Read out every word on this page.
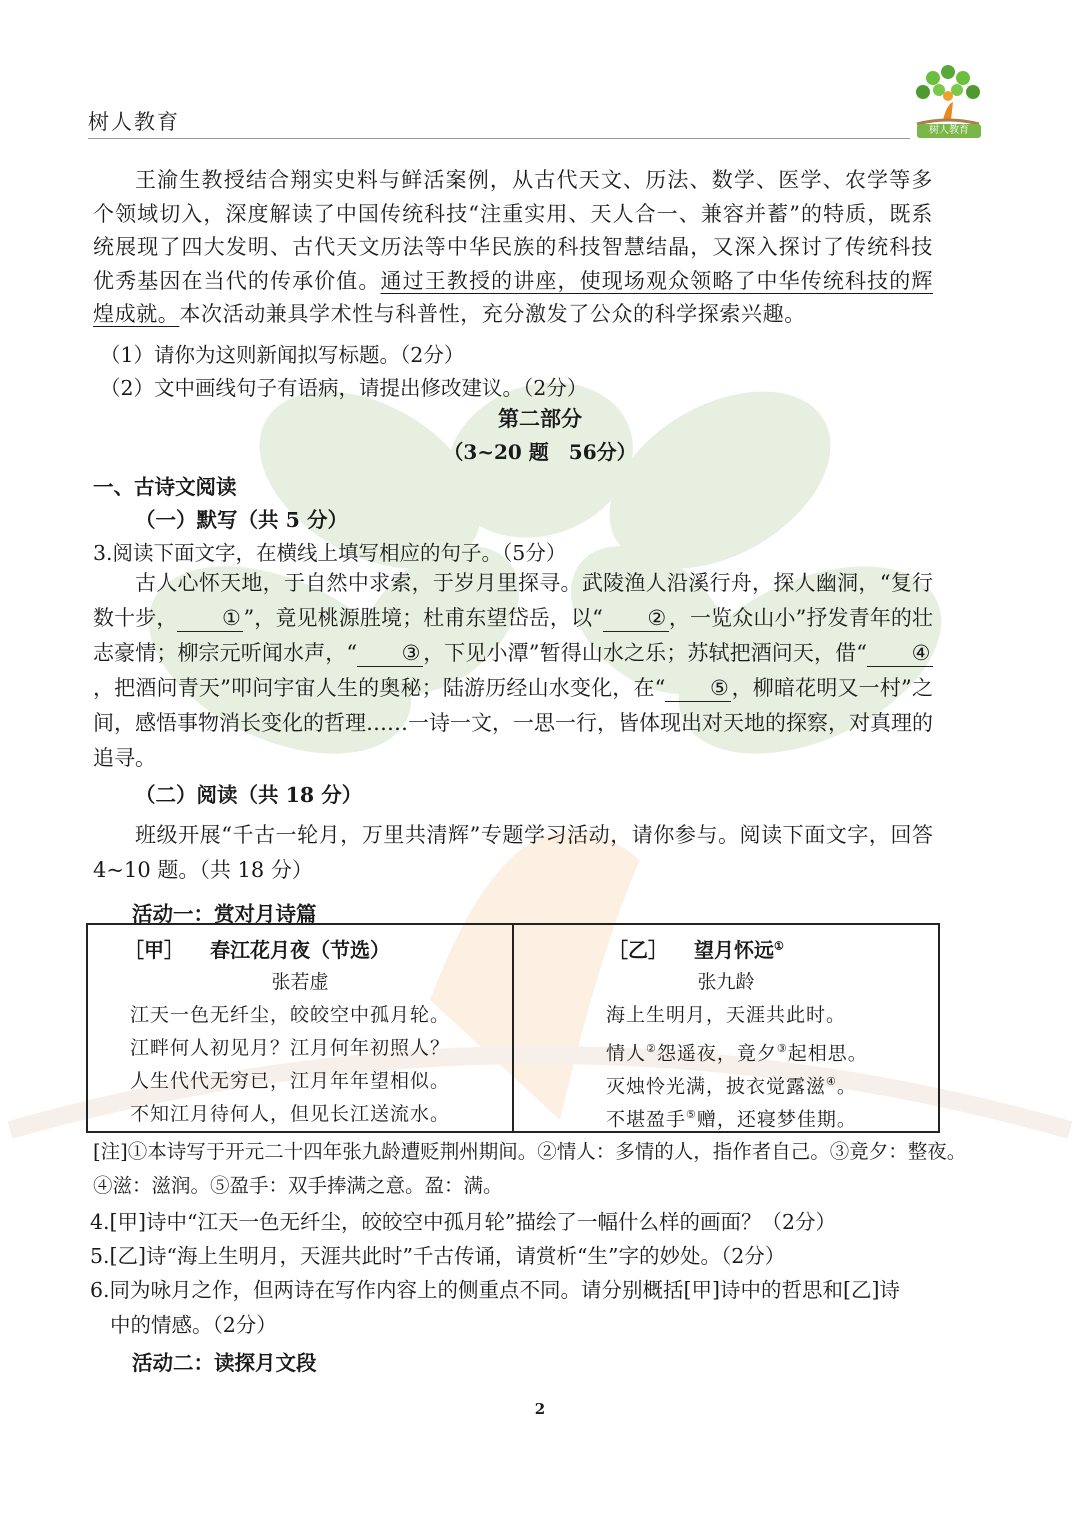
树人教育	树人教育
王渝生教授结合翔实史料与鲜活案例，从古代天文、历法、数学、医学、农学等多个领域切入，深度解读了中国传统科技“注重实用、天人合一、兼容并蓄”的特质，既系统展现了四大发明、古代天文历法等中华民族的科技智慧结晶，又深入探讨了传统科技优秀基因在当代的传承价值。通过王教授的讲座，使现场观众领略了中华传统科技的辉煌成就。本次活动兼具学术性与科普性，充分激发了公众的科学探索兴趣。
（1）请你为这则新闻拟写标题。（2分）
（2）文中画线句子有语病，请提出修改建议。（2分）
第二部分
（3~20 题　56分）
一、古诗文阅读
（一）默写（共 5 分）
3.阅读下面文字，在横线上填写相应的句子。（5分）
古人心怀天地，于自然中求索，于岁月里探寻。武陵渔人沿溪行舟，探人幽洞，“复行数十步， ① ”，竟见桃源胜境；杜甫东望岱岳，以“ ② ，一览众山小”抒发青年的壮志豪情；柳宗元听闻水声，“ ③ ，下见小潭”暂得山水之乐；苏轼把酒问天，借“ ④，把酒问青天”叩问宇宙人生的奥秘；陆游历经山水变化，在“ ⑤ ，柳暗花明又一村”之间，感悟事物消长变化的哲理……一诗一文，一思一行，皆体现出对天地的探察，对真理的追寻。
（二）阅读（共 18 分）
班级开展“千古一轮月，万里共清辉”专题学习活动，请你参与。阅读下面文字，回答 4~10 题。（共 18 分）
活动一：赏对月诗篇
［甲］ 春江花月夜（节选）
张若虚
江天一色无纤尘，皎皎空中孤月轮。
江畔何人初见月？江月何年初照人？
人生代代无穷已，江月年年望相似。
不知江月待何人，但见长江送流水。

［乙］ 望月怀远①
张九龄
海上生明月，天涯共此时。
情人②怨遥夜，竟夕③起相思。
灭烛怜光满，披衣觉露滋④。
不堪盈手⑤赠，还寝梦佳期。
[注]①本诗写于开元二十四年张九龄遭贬荆州期间。②情人：多情的人，指作者自己。③竟夕：整夜。
④滋：滋润。⑤盈手：双手捧满之意。盈：满。
4.[甲]诗中“江天一色无纤尘，皎皎空中孤月轮”描绘了一幅什么样的画面？（2分）
5.[乙]诗“海上生明月，天涯共此时”千古传诵，请赏析“生”字的妙处。（2分）
6.同为咏月之作，但两诗在写作内容上的侧重点不同。请分别概括[甲]诗中的哲思和[乙]诗
中的情感。（2分）
活动二：读探月文段
2
